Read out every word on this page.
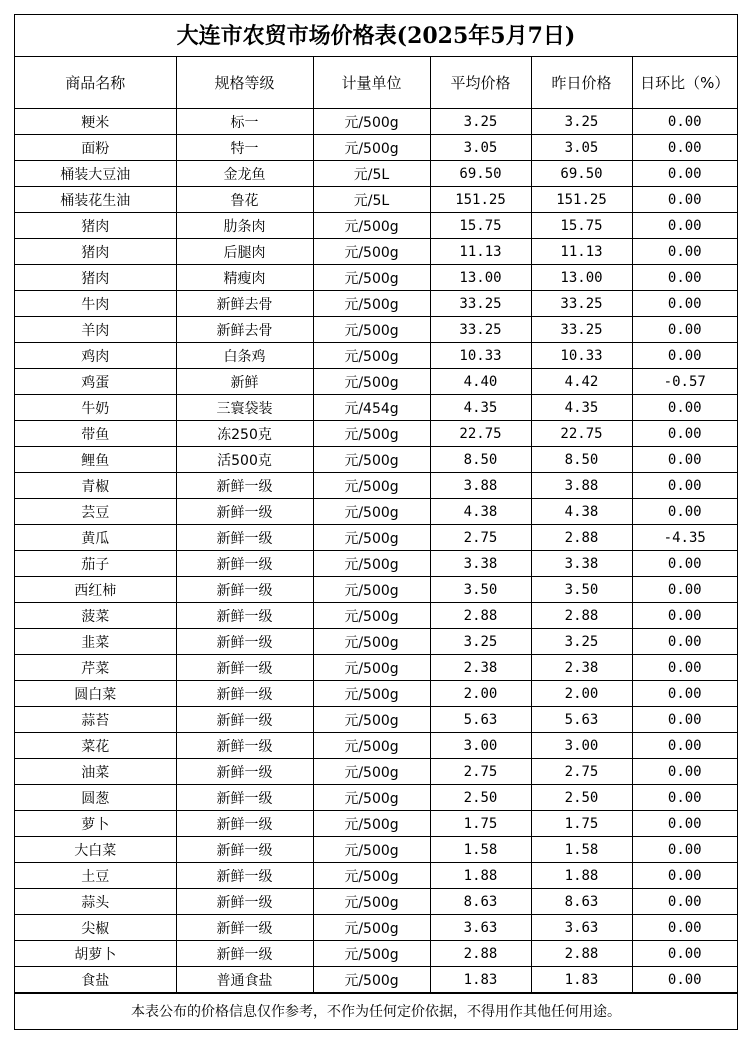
大连市农贸市场价格表(2025年5月7日)
商品名称	规格等级	计量单位	平均价格	昨日价格	日环比（%）
粳米	标一	元/500g	3.25	3.25	0.00
面粉	特一	元/500g	3.05	3.05	0.00
桶装大豆油	金龙鱼	元/5L	69.50	69.50	0.00
桶装花生油	鲁花	元/5L	151.25	151.25	0.00
猪肉	肋条肉	元/500g	15.75	15.75	0.00
猪肉	后腿肉	元/500g	11.13	11.13	0.00
猪肉	精瘦肉	元/500g	13.00	13.00	0.00
牛肉	新鲜去骨	元/500g	33.25	33.25	0.00
羊肉	新鲜去骨	元/500g	33.25	33.25	0.00
鸡肉	白条鸡	元/500g	10.33	10.33	0.00
鸡蛋	新鲜	元/500g	4.40	4.42	-0.57
牛奶	三寰袋装	元/454g	4.35	4.35	0.00
带鱼	冻250克	元/500g	22.75	22.75	0.00
鲤鱼	活500克	元/500g	8.50	8.50	0.00
青椒	新鲜一级	元/500g	3.88	3.88	0.00
芸豆	新鲜一级	元/500g	4.38	4.38	0.00
黄瓜	新鲜一级	元/500g	2.75	2.88	-4.35
茄子	新鲜一级	元/500g	3.38	3.38	0.00
西红柿	新鲜一级	元/500g	3.50	3.50	0.00
菠菜	新鲜一级	元/500g	2.88	2.88	0.00
韭菜	新鲜一级	元/500g	3.25	3.25	0.00
芹菜	新鲜一级	元/500g	2.38	2.38	0.00
圆白菜	新鲜一级	元/500g	2.00	2.00	0.00
蒜苔	新鲜一级	元/500g	5.63	5.63	0.00
菜花	新鲜一级	元/500g	3.00	3.00	0.00
油菜	新鲜一级	元/500g	2.75	2.75	0.00
圆葱	新鲜一级	元/500g	2.50	2.50	0.00
萝卜	新鲜一级	元/500g	1.75	1.75	0.00
大白菜	新鲜一级	元/500g	1.58	1.58	0.00
土豆	新鲜一级	元/500g	1.88	1.88	0.00
蒜头	新鲜一级	元/500g	8.63	8.63	0.00
尖椒	新鲜一级	元/500g	3.63	3.63	0.00
胡萝卜	新鲜一级	元/500g	2.88	2.88	0.00
食盐	普通食盐	元/500g	1.83	1.83	0.00
本表公布的价格信息仅作参考，不作为任何定价依据，不得用作其他任何用途。
